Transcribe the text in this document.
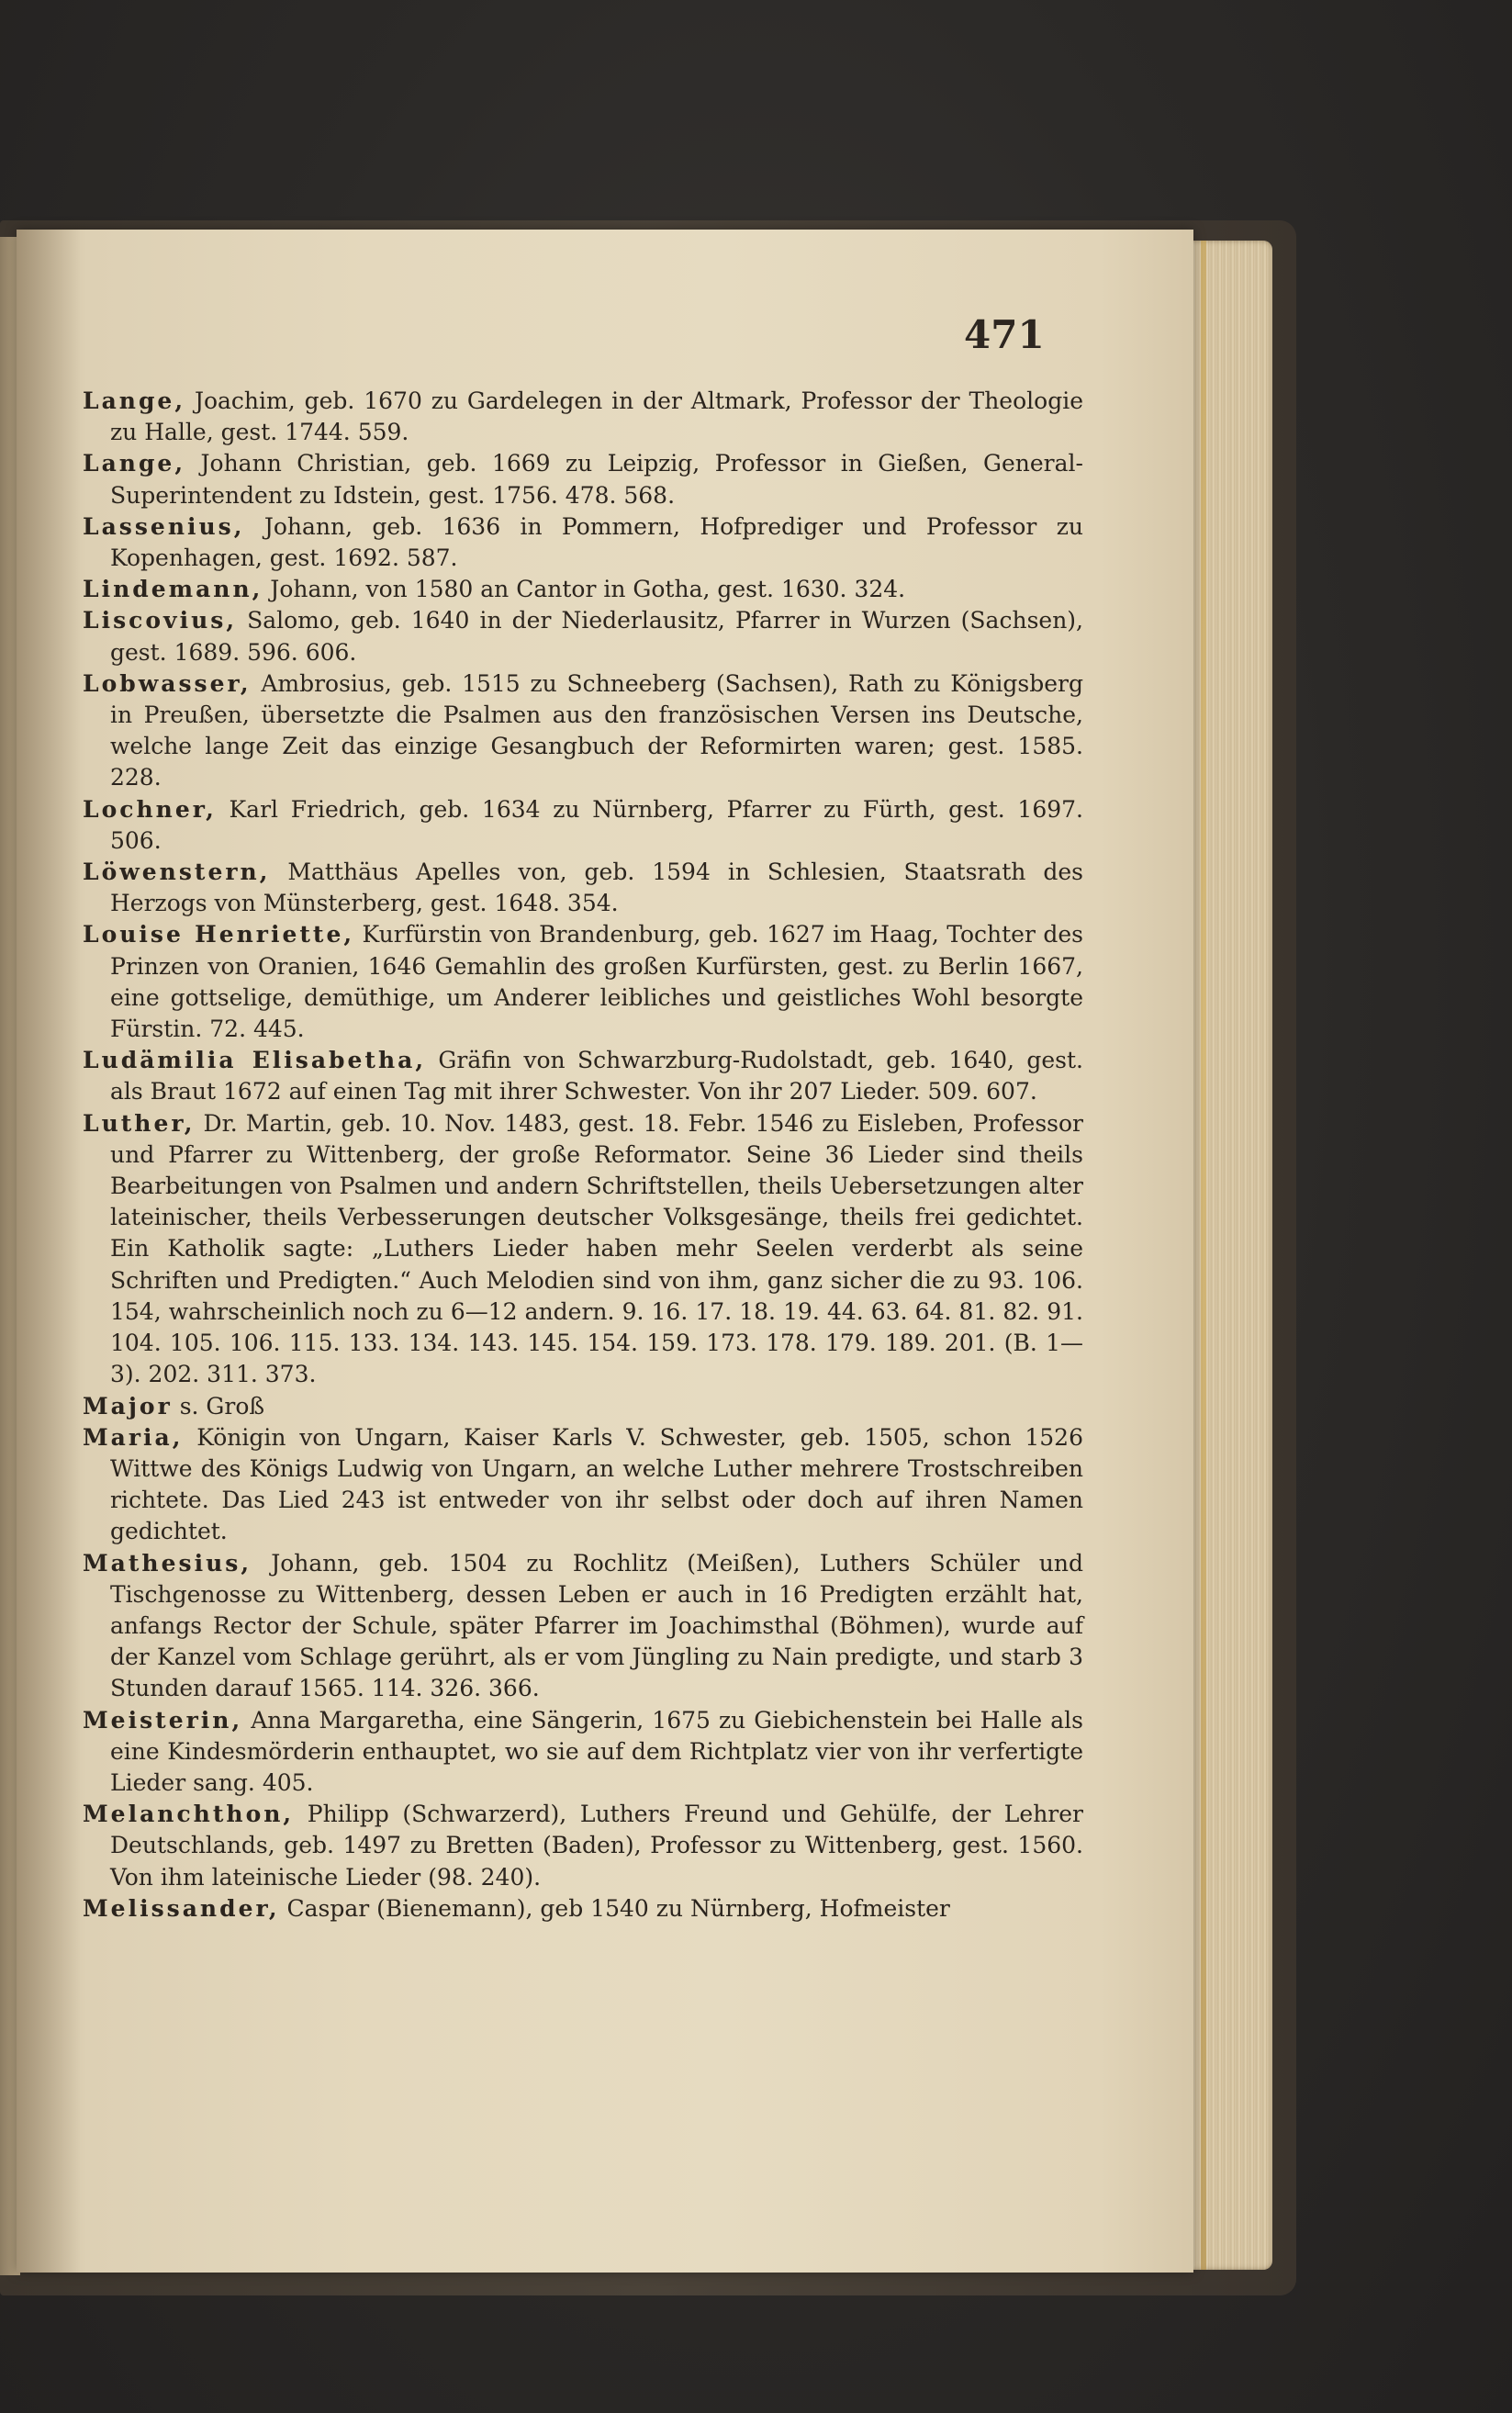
471

Lange, Joachim, geb. 1670 zu Gardelegen in der Altmark, Professor der Theologie zu Halle, gest. 1744. 559.

Lange, Johann Christian, geb. 1669 zu Leipzig, Professor in Gießen, General-Superintendent zu Idstein, gest. 1756. 478. 568.

Lassenius, Johann, geb. 1636 in Pommern, Hofprediger und Professor zu Kopenhagen, gest. 1692. 587.

Lindemann, Johann, von 1580 an Cantor in Gotha, gest. 1630. 324.

Liscovius, Salomo, geb. 1640 in der Niederlausitz, Pfarrer in Wurzen (Sachsen), gest. 1689. 596. 606.

Lobwasser, Ambrosius, geb. 1515 zu Schneeberg (Sachsen), Rath zu Königsberg in Preußen, übersetzte die Psalmen aus den französischen Versen ins Deutsche, welche lange Zeit das einzige Gesangbuch der Reformirten waren; gest. 1585. 228.

Lochner, Karl Friedrich, geb. 1634 zu Nürnberg, Pfarrer zu Fürth, gest. 1697. 506.

Löwenstern, Matthäus Apelles von, geb. 1594 in Schlesien, Staatsrath des Herzogs von Münsterberg, gest. 1648. 354.

Louise Henriette, Kurfürstin von Brandenburg, geb. 1627 im Haag, Tochter des Prinzen von Oranien, 1646 Gemahlin des großen Kurfürsten, gest. zu Berlin 1667, eine gottselige, demüthige, um Anderer leibliches und geistliches Wohl besorgte Fürstin. 72. 445.

Ludämilia Elisabetha, Gräfin von Schwarzburg-Rudolstadt, geb. 1640, gest. als Braut 1672 auf einen Tag mit ihrer Schwester. Von ihr 207 Lieder. 509. 607.

Luther, Dr. Martin, geb. 10. Nov. 1483, gest. 18. Febr. 1546 zu Eisleben, Professor und Pfarrer zu Wittenberg, der große Reformator. Seine 36 Lieder sind theils Bearbeitungen von Psalmen und andern Schriftstellen, theils Uebersetzungen alter lateinischer, theils Verbesserungen deutscher Volksgesänge, theils frei gedichtet. Ein Katholik sagte: „Luthers Lieder haben mehr Seelen verderbt als seine Schriften und Predigten.“ Auch Melodien sind von ihm, ganz sicher die zu 93. 106. 154, wahrscheinlich noch zu 6—12 andern. 9. 16. 17. 18. 19. 44. 63. 64. 81. 82. 91. 104. 105. 106. 115. 133. 134. 143. 145. 154. 159. 173. 178. 179. 189. 201. (B. 1—3). 202. 311. 373.

Major s. Groß

Maria, Königin von Ungarn, Kaiser Karls V. Schwester, geb. 1505, schon 1526 Wittwe des Königs Ludwig von Ungarn, an welche Luther mehrere Trostschreiben richtete. Das Lied 243 ist entweder von ihr selbst oder doch auf ihren Namen gedichtet.

Mathesius, Johann, geb. 1504 zu Rochlitz (Meißen), Luthers Schüler und Tischgenosse zu Wittenberg, dessen Leben er auch in 16 Predigten erzählt hat, anfangs Rector der Schule, später Pfarrer im Joachimsthal (Böhmen), wurde auf der Kanzel vom Schlage gerührt, als er vom Jüngling zu Nain predigte, und starb 3 Stunden darauf 1565. 114. 326. 366.

Meisterin, Anna Margaretha, eine Sängerin, 1675 zu Giebichenstein bei Halle als eine Kindesmörderin enthauptet, wo sie auf dem Richtplatz vier von ihr verfertigte Lieder sang. 405.

Melanchthon, Philipp (Schwarzerd), Luthers Freund und Gehülfe, der Lehrer Deutschlands, geb. 1497 zu Bretten (Baden), Professor zu Wittenberg, gest. 1560. Von ihm lateinische Lieder (98. 240).

Melissander, Caspar (Bienemann), geb 1540 zu Nürnberg, Hofmeister
